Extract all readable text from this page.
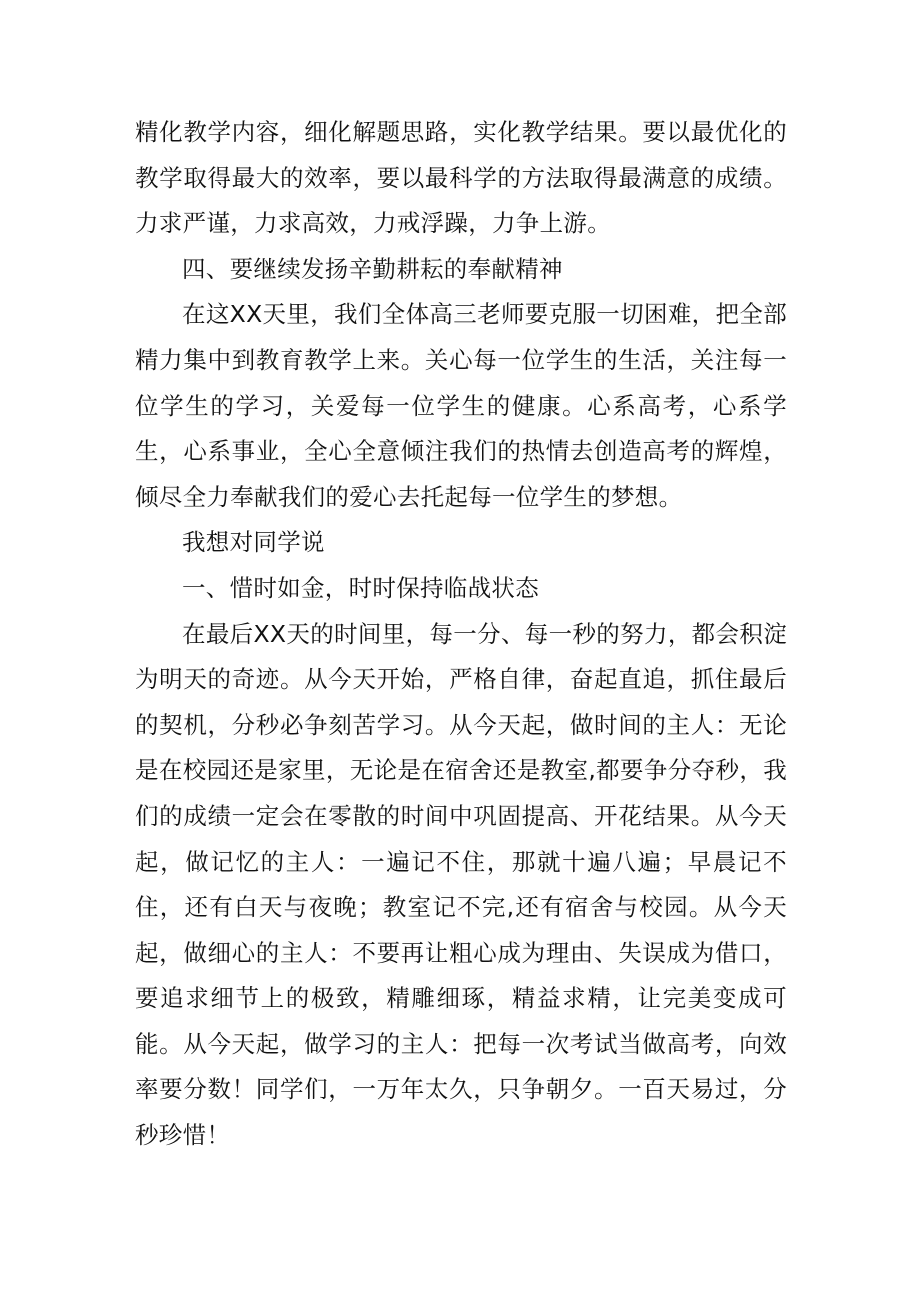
精化教学内容，细化解题思路，实化教学结果。要以最优化的教学取得最大的效率，要以最科学的方法取得最满意的成绩。力求严谨，力求高效，力戒浮躁，力争上游。

四、要继续发扬辛勤耕耘的奉献精神

在这XX天里，我们全体高三老师要克服一切困难，把全部精力集中到教育教学上来。关心每一位学生的生活，关注每一位学生的学习，关爱每一位学生的健康。心系高考，心系学生，心系事业，全心全意倾注我们的热情去创造高考的辉煌，倾尽全力奉献我们的爱心去托起每一位学生的梦想。

我想对同学说

一、惜时如金，时时保持临战状态

在最后XX天的时间里，每一分、每一秒的努力，都会积淀为明天的奇迹。从今天开始，严格自律，奋起直追，抓住最后的契机，分秒必争刻苦学习。从今天起，做时间的主人：无论是在校园还是家里，无论是在宿舍还是教室,都要争分夺秒，我们的成绩一定会在零散的时间中巩固提高、开花结果。从今天起，做记忆的主人：一遍记不住，那就十遍八遍；早晨记不住，还有白天与夜晚；教室记不完,还有宿舍与校园。从今天起，做细心的主人：不要再让粗心成为理由、失误成为借口，要追求细节上的极致，精雕细琢，精益求精，让完美变成可能。从今天起，做学习的主人：把每一次考试当做高考，向效率要分数！同学们，一万年太久，只争朝夕。一百天易过，分秒珍惜！
